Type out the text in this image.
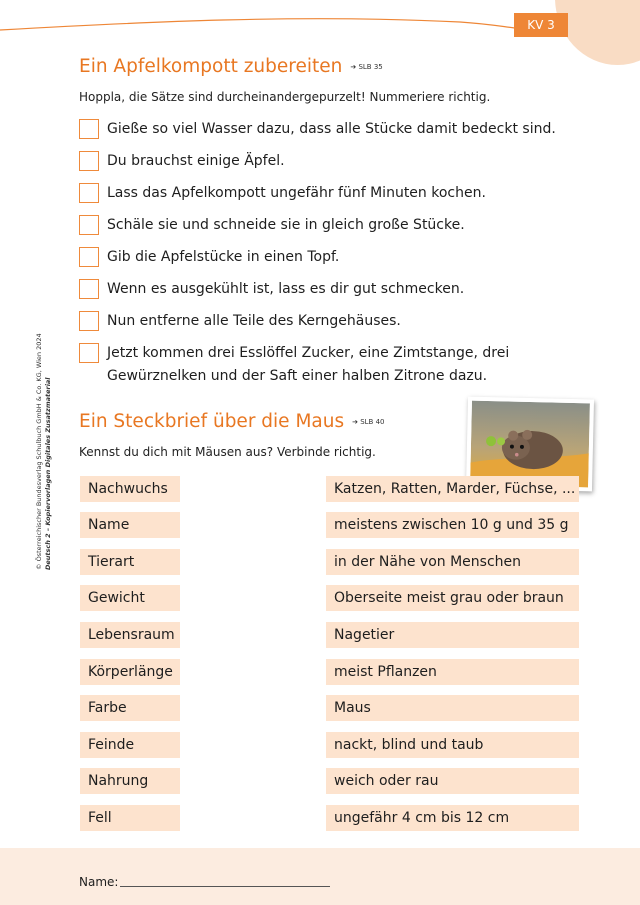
KV 3
© Österreichischer Bundesverlag Schulbuch GmbH & Co. KG, Wien 2024 Deutsch 2 – Kopiervorlagen Digitales Zusatzmaterial
Ein Apfelkompott zubereiten ➔ SLB 35
Hoppla, die Sätze sind durcheinandergepurzelt! Nummeriere richtig.
Gieße so viel Wasser dazu, dass alle Stücke damit bedeckt sind.
Du brauchst einige Äpfel.
Lass das Apfelkompott ungefähr fünf Minuten kochen.
Schäle sie und schneide sie in gleich große Stücke.
Gib die Apfelstücke in einen Topf.
Wenn es ausgekühlt ist, lass es dir gut schmecken.
Nun entferne alle Teile des Kerngehäuses.
Jetzt kommen drei Esslöffel Zucker, eine Zimtstange, drei
Gewürznelken und der Saft einer halben Zitrone dazu.
Ein Steckbrief über die Maus ➔ SLB 40
Kennst du dich mit Mäusen aus? Verbinde richtig.
Nachwuchs
Name
Tierart
Gewicht
Lebensraum
Körperlänge
Farbe
Feinde
Nahrung
Fell
Katzen, Ratten, Marder, Füchse, ...
meistens zwischen 10 g und 35 g
in der Nähe von Menschen
Oberseite meist grau oder braun
Nagetier
meist Pflanzen
Maus
nackt, blind und taub
weich oder rau
ungefähr 4 cm bis 12 cm
Name:
